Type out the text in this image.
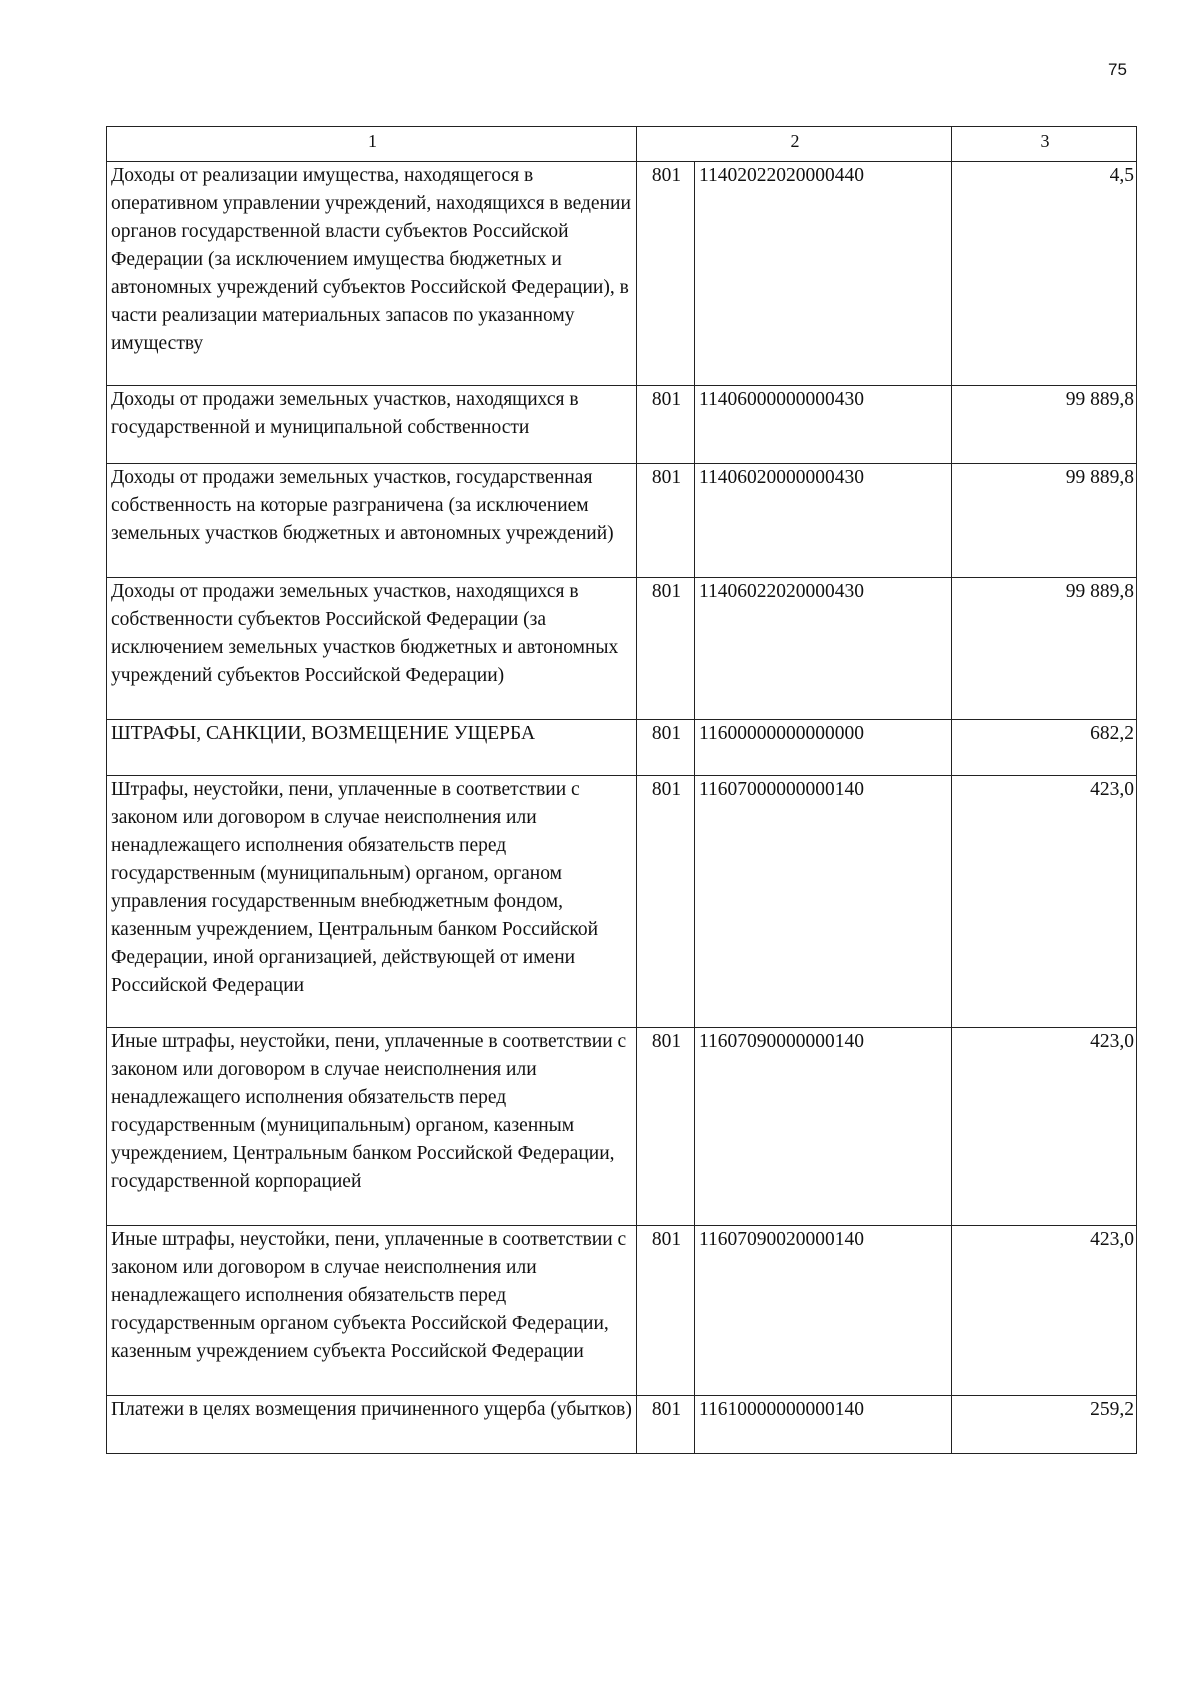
75
1	2		3
Доходы от реализации имущества, находящегося в оперативном управлении учреждений, находящихся в ведении органов государственной власти субъектов Российской Федерации (за исключением имущества бюджетных и автономных учреждений субъектов Российской Федерации), в части реализации материальных запасов по указанному имуществу	801	11402022020000440	4,5
Доходы от продажи земельных участков, находящихся в государственной и муниципальной собственности	801	11406000000000430	99 889,8
Доходы от продажи земельных участков, государственная собственность на которые разграничена (за исключением земельных участков бюджетных и автономных учреждений)	801	11406020000000430	99 889,8
Доходы от продажи земельных участков, находящихся в собственности субъектов Российской Федерации (за исключением земельных участков бюджетных и автономных учреждений субъектов Российской Федерации)	801	11406022020000430	99 889,8
ШТРАФЫ, САНКЦИИ, ВОЗМЕЩЕНИЕ УЩЕРБА	801	11600000000000000	682,2
Штрафы, неустойки, пени, уплаченные в соответствии с законом или договором в случае неисполнения или ненадлежащего исполнения обязательств перед государственным (муниципальным) органом, органом управления государственным внебюджетным фондом, казенным учреждением, Центральным банком Российской Федерации, иной организацией, действующей от имени Российской Федерации	801	11607000000000140	423,0
Иные штрафы, неустойки, пени, уплаченные в соответствии с законом или договором в случае неисполнения или ненадлежащего исполнения обязательств перед государственным (муниципальным) органом, казенным учреждением, Центральным банком Российской Федерации, государственной корпорацией	801	11607090000000140	423,0
Иные штрафы, неустойки, пени, уплаченные в соответствии с законом или договором в случае неисполнения или ненадлежащего исполнения обязательств перед государственным органом субъекта Российской Федерации, казенным учреждением субъекта Российской Федерации	801	11607090020000140	423,0
Платежи в целях возмещения причиненного ущерба (убытков)	801	11610000000000140	259,2
